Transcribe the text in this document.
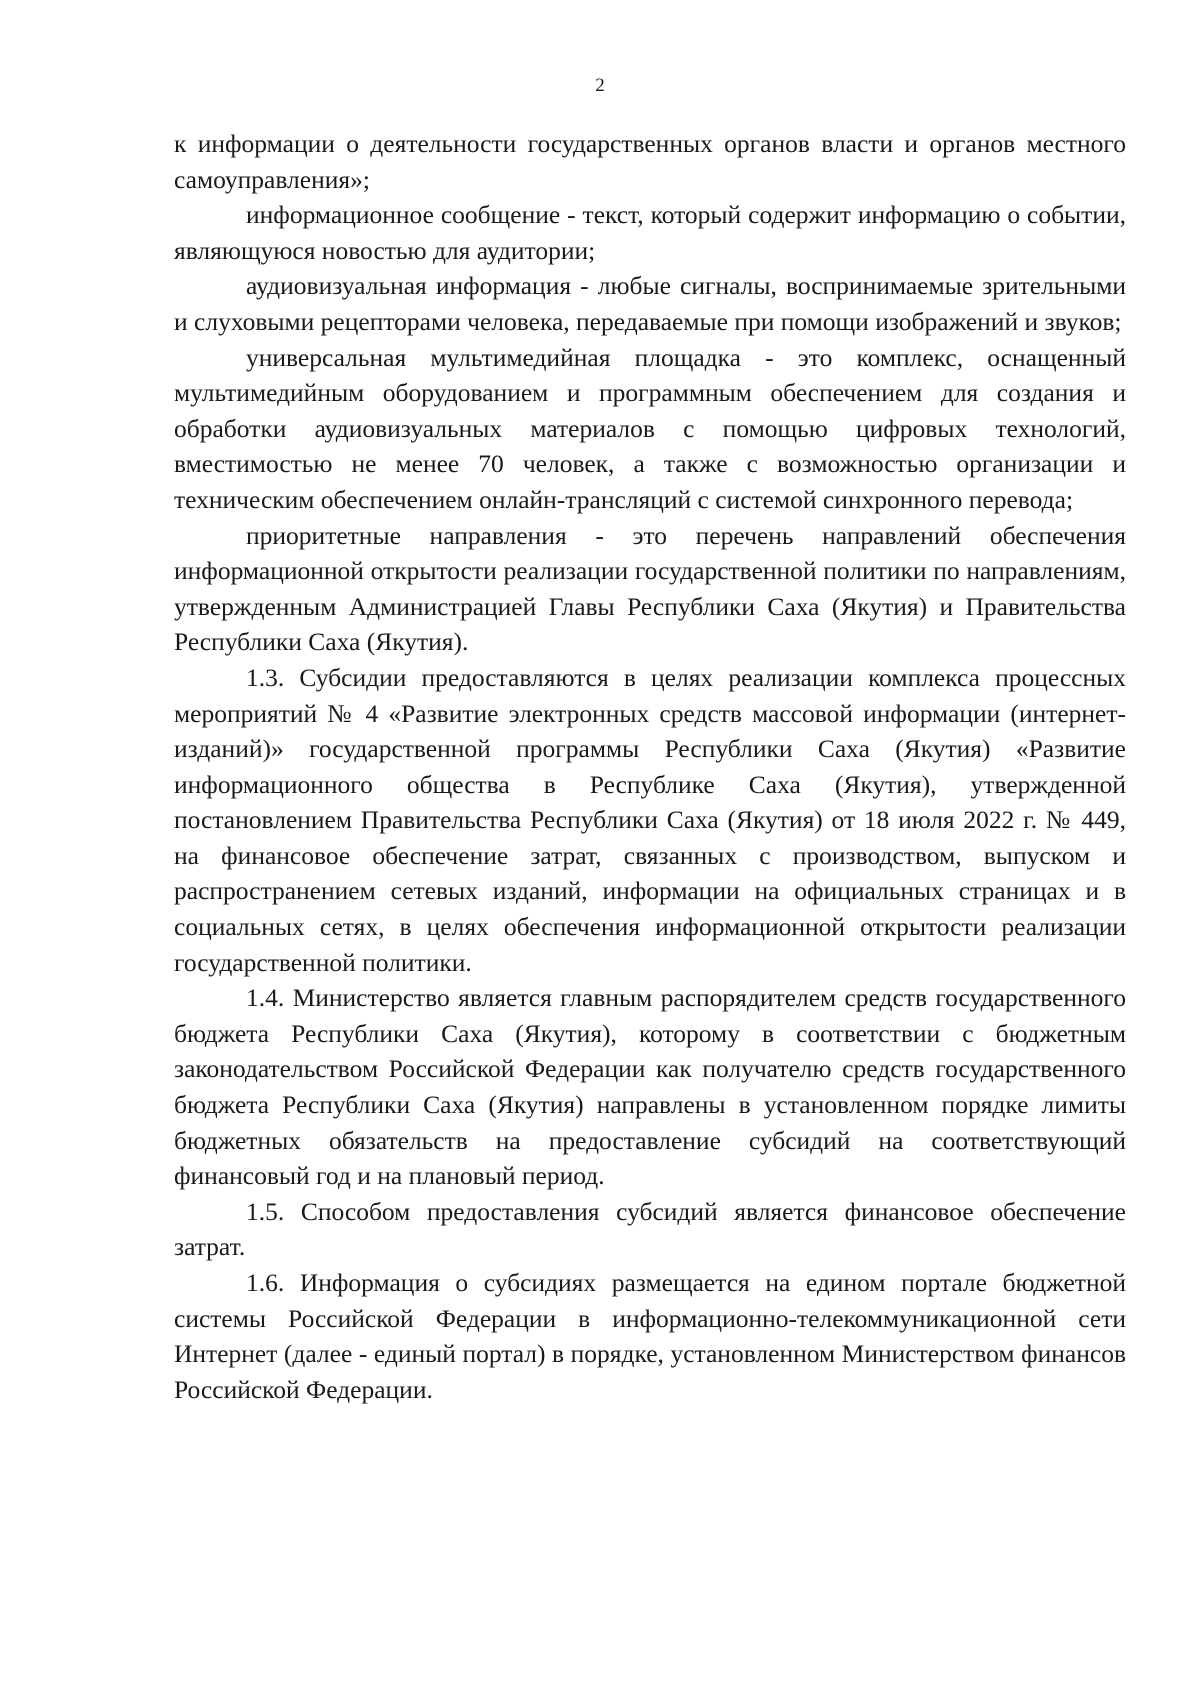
2

к информации о деятельности государственных органов власти и органов местного самоуправления»;

информационное сообщение - текст, который содержит информацию о событии, являющуюся новостью для аудитории;

аудиовизуальная информация - любые сигналы, воспринимаемые зрительными и слуховыми рецепторами человека, передаваемые при помощи изображений и звуков;

универсальная мультимедийная площадка - это комплекс, оснащенный мультимедийным оборудованием и программным обеспечением для создания и обработки аудиовизуальных материалов с помощью цифровых технологий, вместимостью не менее 70 человек, а также с возможностью организации и техническим обеспечением онлайн-трансляций с системой синхронного перевода;

приоритетные направления - это перечень направлений обеспечения информационной открытости реализации государственной политики по направлениям, утвержденным Администрацией Главы Республики Саха (Якутия) и Правительства Республики Саха (Якутия).

1.3. Субсидии предоставляются в целях реализации комплекса процессных мероприятий № 4 «Развитие электронных средств массовой информации (интернет-изданий)» государственной программы Республики Саха (Якутия) «Развитие информационного общества в Республике Саха (Якутия), утвержденной постановлением Правительства Республики Саха (Якутия) от 18 июля 2022 г. № 449, на финансовое обеспечение затрат, связанных с производством, выпуском и распространением сетевых изданий, информации на официальных страницах и в социальных сетях, в целях обеспечения информационной открытости реализации государственной политики.

1.4. Министерство является главным распорядителем средств государственного бюджета Республики Саха (Якутия), которому в соответствии с бюджетным законодательством Российской Федерации как получателю средств государственного бюджета Республики Саха (Якутия) направлены в установленном порядке лимиты бюджетных обязательств на предоставление субсидий на соответствующий финансовый год и на плановый период.

1.5. Способом предоставления субсидий является финансовое обеспечение затрат.

1.6. Информация о субсидиях размещается на едином портале бюджетной системы Российской Федерации в информационно-телекоммуникационной сети Интернет (далее - единый портал) в порядке, установленном Министерством финансов Российской Федерации.
